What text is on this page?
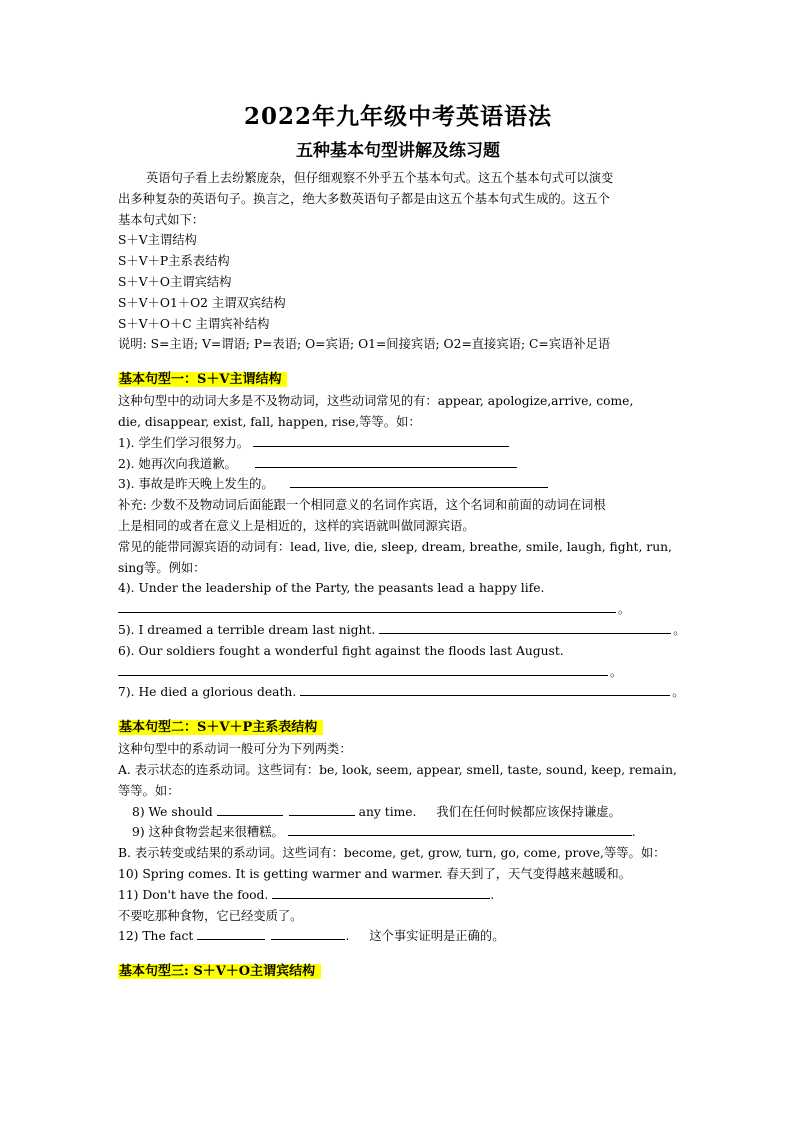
2022年九年级中考英语语法
五种基本句型讲解及练习题
英语句子看上去纷繁庞杂，但仔细观察不外乎五个基本句式。这五个基本句式可以演变
出多种复杂的英语句子。换言之，绝大多数英语句子都是由这五个基本句式生成的。这五个
基本句式如下：
S＋V主谓结构
S＋V＋P主系表结构
S＋V＋O主谓宾结构
S＋V＋O1＋O2 主谓双宾结构
S＋V＋O＋C 主谓宾补结构
说明: S=主语; V=谓语; P=表语; O=宾语; O1=间接宾语; O2=直接宾语; C=宾语补足语
基本句型一：S＋V主谓结构
这种句型中的动词大多是不及物动词，这些动词常见的有：appear, apologize,arrive, come,
die, disappear, exist, fall, happen, rise,等等。如：
1). 学生们学习很努力。
2). 她再次向我道歉。
3). 事故是昨天晚上发生的。
补充: 少数不及物动词后面能跟一个相同意义的名词作宾语，这个名词和前面的动词在词根
上是相同的或者在意义上是相近的，这样的宾语就叫做同源宾语。
常见的能带同源宾语的动词有：lead, live, die, sleep, dream, breathe, smile, laugh, fight, run,
sing等。例如：
4). Under the leadership of the Party, the peasants lead a happy life.
。
5). I dreamed a terrible dream last night.	。
6). Our soldiers fought a wonderful fight against the floods last August.
。
7). He died a glorious death.	。
基本句型二：S＋V＋P主系表结构
这种句型中的系动词一般可分为下列两类：
A. 表示状态的连系动词。这些词有：be, look, seem, appear, smell, taste, sound, keep, remain,
等等。如：
8) We should	any time. 我们在任何时候都应该保持谦虚。
9) 这种食物尝起来很糟糕。	.
B. 表示转变或结果的系动词。这些词有：become, get, grow, turn, go, come, prove,等等。如：
10) Spring comes. It is getting warmer and warmer. 春天到了，天气变得越来越暖和。
11) Don't have the food.	.
不要吃那种食物，它已经变质了。
12) The fact	. 这个事实证明是正确的。
基本句型三: S＋V＋O主谓宾结构
